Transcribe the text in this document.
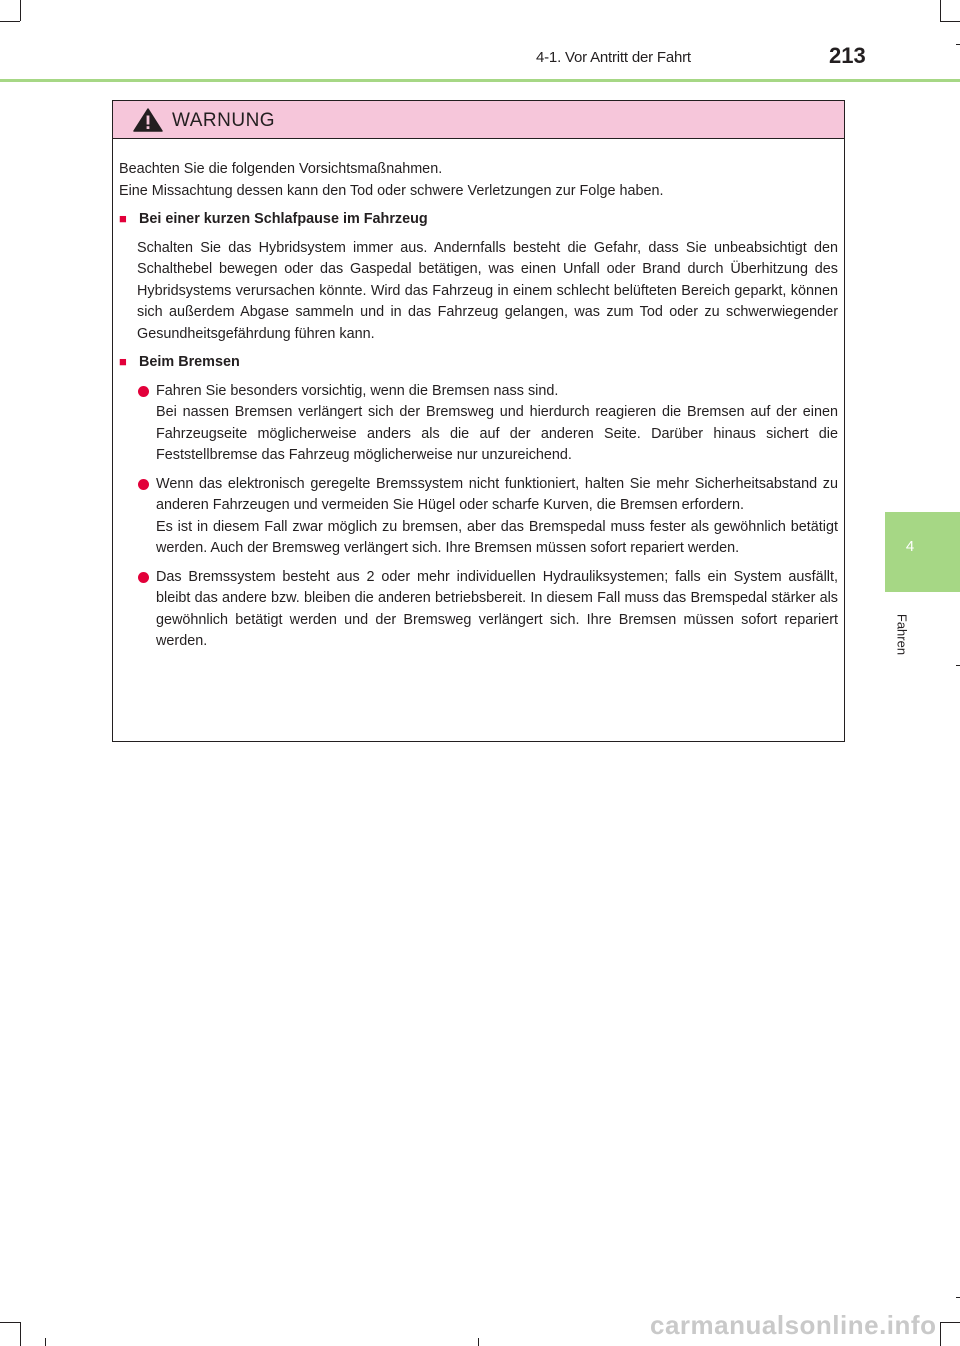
4-1. Vor Antritt der Fahrt	213
4
Fahren
WARNUNG

Beachten Sie die folgenden Vorsichtsmaßnahmen.

Eine Missachtung dessen kann den Tod oder schwere Verletzungen zur Folge haben.

■ Bei einer kurzen Schlafpause im Fahrzeug

Schalten Sie das Hybridsystem immer aus. Andernfalls besteht die Gefahr, dass Sie unbeabsichtigt den Schalthebel bewegen oder das Gaspedal betätigen, was einen Unfall oder Brand durch Überhitzung des Hybridsystems verursachen könnte. Wird das Fahrzeug in einem schlecht belüfteten Bereich geparkt, können sich außerdem Abgase sammeln und in das Fahrzeug gelangen, was zum Tod oder zu schwerwiegender Gesundheitsgefährdung führen kann.

■ Beim Bremsen

Fahren Sie besonders vorsichtig, wenn die Bremsen nass sind.
Bei nassen Bremsen verlängert sich der Bremsweg und hierdurch reagieren die Bremsen auf der einen Fahrzeugseite möglicherweise anders als die auf der anderen Seite. Darüber hinaus sichert die Feststellbremse das Fahrzeug möglicherweise nur unzureichend.
Wenn das elektronisch geregelte Bremssystem nicht funktioniert, halten Sie mehr Sicherheitsabstand zu anderen Fahrzeugen und vermeiden Sie Hügel oder scharfe Kurven, die Bremsen erfordern.
Es ist in diesem Fall zwar möglich zu bremsen, aber das Bremspedal muss fester als gewöhnlich betätigt werden. Auch der Bremsweg verlängert sich. Ihre Bremsen müssen sofort repariert werden.
Das Bremssystem besteht aus 2 oder mehr individuellen Hydrauliksystemen; falls ein System ausfällt, bleibt das andere bzw. bleiben die anderen betriebsbereit. In diesem Fall muss das Bremspedal stärker als gewöhnlich betätigt werden und der Bremsweg verlängert sich. Ihre Bremsen müssen sofort repariert werden.
carmanualsonline.info
